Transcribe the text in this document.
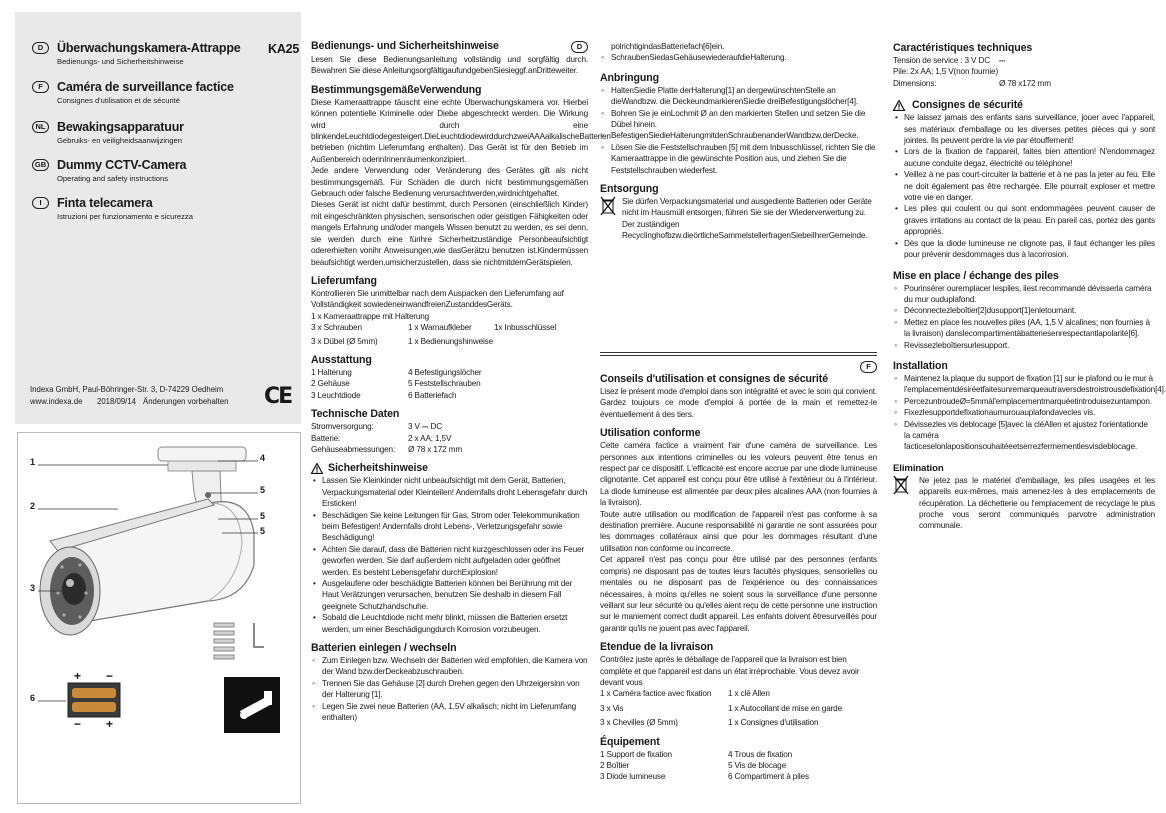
D	Überwachungskamera-Attrappe
Bedienungs- und Sicherheitshinweise
F	Caméra de surveillance factice
Consignes d'utilisation et de sécurité
NL Bewakingsapparatuur
Gebruiks- en veiligheidsaanwijzingen
GB Dummy CCTV-Camera
Operating and safety instructions
I	Finta telecamera
Istruzioni per funzionamento e sicurezza
KA25
Indexa GmbH, Paul-Böhringer-Str. 3, D-74229 Oedheim
www.indexa.de 2018/09/14 Änderungen vorbehalten CE
1
2
3
4
5
5
5
6
+ −
− +
Bedienungs- und Sicherheitshinweise	D
Lesen Sie diese Bedienungsanleitung vollständig und sorgfältig durch. Bewahren Sie diese AnleitungsorgfältigaufundgebenSiesieggf.anDritteweiter.
BestimmungsgemäßeVerwendung
Diese Kameraattrappe täuscht eine echte Überwachungskamera vor. Hierbei können potentielle Kriminelle oder Diebe abgeschreckt werden. Die Wirkung wird durch eine blinkendeLeuchtdiodegesteigert.DieLeuchtdiodewirddurchzweiAAAalkalischeBatterien betrieben (nichtim Lieferumfang enthalten). Das Gerät ist für den Betrieb im Außenbereich oderinInnenräumenkonzipiert.
Jede andere Verwendung oder Veränderung des Gerätes gilt als nicht bestimmungsgemäß. Für Schäden die durch nicht bestimmungsgemäßen Gebrauch oder falsche Bedienung verursachtwerden,wirdnichtgehaftet.
Dieses Gerät ist nicht dafür bestimmt, durch Personen (einschließlich Kinder) mit eingeschränkten physischen, sensorischen oder geistigen Fähigkeiten oder mangels Erfahrung und/oder mangels Wissen benutzt zu werden, es sei denn, sie werden durch eine fürihre Sicherheitzuständige Personbeaufsichtigt odererhielten vonihr Anweisungen,wie dasGerätzu benutzen ist.Kindermüssen beaufsichtigt werden,umsicherzustellen, dass sie nichtmitdemGerätspielen.
Lieferumfang
Kontrollieren Sie unmittelbar nach dem Auspacken den Lieferumfang auf Vollständigkeit sowiedeneinwandfreienZustanddesGeräts.
1 x Kameraattrappe mit Halterung
3 x Schrauben	1 x Warnaufkleber	1x Inbusschlüssel
3 x Dübel (Ø 5mm)	1 x Bedienungshinweise
Ausstattung
1 Halterung	4 Befestigungslöcher
2 Gehäuse	5 Feststellschrauben
3 Leuchtdiode	6 Batteriefach
Technische Daten
Stromversorgung:	3 V ⎓ DC
Batterie:	2 x AA; 1,5V
Gehäuseabmessungen:	Ø 78 x 172 mm
Sicherheitshinweise
• Lassen Sie Kleinkinder nicht unbeaufsichtigt mit dem Gerät, Batterien, Verpackungsmaterial oder Kleinteilen! Andernfalls droht Lebensgefahr durch Ersticken!
• Beschädigen Sie keine Leitungen für Gas, Strom oder Telekommunikation beim Befestigen! Andernfalls droht Lebens-, Verletzungsgefahr sowie Beschädigung!
• Achten Sie darauf, dass die Batterien nicht kurzgeschlossen oder ins Feuer geworfen werden. Sie darf außerdem nicht aufgeladen oder geöffnet werden. Es besteht Lebensgefahr durchExplosion!
• Ausgelaufene oder beschädigte Batterien können bei Berührung mit der Haut Verätzungen verursachen, benutzen Sie deshalb in diesem Fall geeignete Schutzhandschuhe.
• Sobald die Leuchtdiode nicht mehr blinkt, müssen die Batterien ersetzt werden, um einer Beschädigungdurch Korrosion vorzubeugen.
Batterien einlegen / wechseln
◦ Zum Einlegen bzw. Wechseln der Batterien wird empfohlen, die Kamera von der Wand bzw.derDeckeabzuschrauben.
◦ Trennen Sie das Gehäuse [2] durch Drehen gegen den Uhrzeigersinn von der Halterung [1].
◦ Legen Sie zwei neue Batterien (AA, 1,5V alkalisch; nicht im Lieferumfang enthalten)
polrichtigindasBatteriefach[6]ein.
◦ SchraubenSiedasGehäusewiederaufdieHalterung.
Anbringung
◦ HaltenSiedie Platte derHalterung[1] an dergewünschtenStelle an dieWandbzw. die DeckeundmarkierenSiedie dreiBefestigungslöcher[4].
◦ Bohren Sie je einLochmit Ø an den markierten Stellen und setzen Sie die Dübel hinein.
◦ BefestigenSiedieHalterungmitdenSchraubenanderWandbzw.derDecke.
◦ Lösen Sie die Feststellschrauben [5] mit dem Inbusschlüssel, richten Sie die Kameraattrappe in die gewünschte Position aus, und ziehen Sie die Feststellschrauben wiederfest.
Entsorgung
Sie dürfen Verpackungsmaterial und ausgediente Batterien oder Geräte nicht im Hausmüll entsorgen, führen Sie sie der Wiederverwertung zu. Der zuständigen Recyclinghofbzw.dieörtlicheSammelstellerfragenSiebeiIhrerGemeinde.
F
Conseils d'utilisation et consignes de sécurité
Lisez le présent mode d'emploi dans son intégralité et avec le soin qui convient. Gardez toujours ce mode d'emploi à portée de la main et remettez-le éventuellement à des tiers.
Utilisation conforme
Cette caméra factice a vraiment l'air d'une caméra de surveillance. Les personnes aux intentions criminelles ou les voleurs peuvent être tenus en respect par ce dispositif. L'efficacité est encore accrue par une diode lumineuse clignotante. Cet appareil est conçu pour être utilisé à l'extérieur ou à l'intérieur. La diode lumineuse est alimentée par deux piles alcalines AAA (non fournies à la livraison).
Toute autre utilisation ou modification de l'appareil n'est pas conforme à sa destination première. Aucune responsabilité ni garantie ne sont assurées pour les dommages collatéraux ainsi que pour les dommages résultant d'une utilisation non conforme ou incorrecte.
Cet appareil n'est pas conçu pour être utilisé par des personnes (enfants compris) ne disposant pas de toutes leurs facultés physiques, sensorielles ou mentales ou ne disposant pas de l'expérience ou des connaissances nécessaires, à moins qu'elles ne soient sous la surveillance d'une personne veillant sur leur sécurité ou qu'elles aient reçu de cette personne une instruction sur le maniement correct dudit appareil. Les enfants doivent êtresurveillés pour garantir qu'ils ne jouent pas avec l'appareil.
Etendue de la livraison
Contrôlez juste après le déballage de l'appareil que la livraison est bien complète et que l'appareil est dans un état irréprochable. Vous devez avoir devant vous
1 x Caméra factice avec fixation	1 x clé Allen
3 x Vis	1 x Autocollant de mise en garde
3 x Chevilles (Ø 5mm)	1 x Consignes d'utilisation
Équipement
1 Support de fixation	4 Trous de fixation
2 Boîtier	5 Vis de blocage
3 Diode lumineuse	6 Compartiment à piles
Caractéristiques techniques
Tension de service : 3 V DC	⎓
Pile: 2x AA; 1,5 V(non fournie)	
Dimensions:	Ø 78 x172 mm
Consignes de sécurité
• Ne laissez jamais des enfants sans surveillance, jouer avec l'appareil, ses matériaux d'emballage ou les diverses petites pièces qui y sont jointes. Ils peuvent perdre la vie par étouffement!
• Lors de la fixation de l'appareil, faites bien attention! N'endommagez aucune conduite degaz, électricité ou téléphone!
• Veillez à ne pas court-circuiter la batterie et à ne pas la jeter au feu. Elle ne doit également pas être rechargée. Elle pourrait exploser et mettre votre vie en danger.
• Les piles qui coulent ou qui sont endommagées peuvent causer de graves irritations au contact de la peau. En pareil cas, portez des gants appropriés.
• Dès que la diode lumineuse ne clignote pas, il faut échanger les piles pour prévenir desdommages dus à lacorrosion.
Mise en place / échange des piles
◦ Pourinsérer ouremplacer lespiles, ilest recommandé dévisserla caméra du mur ouduplafond.
◦ Déconnectezleboîtier[2]dusupport[1]enletournant.
◦ Mettez en place les nouvelles piles (AA, 1,5 V alcalines; non fournies à la livraison) danslecompartimentàbatteriesenrespectantlapolarité[6].
◦ Revissezleboîtiersurlesupport.
Installation
◦ Maintenez la plaque du support de fixation [1] sur le plafond ou le mur à l'emplacementdésiréetfaitesunremarqueautraversdestroistrousdefixation[4].
◦ PercezuntroudeØ=5mmàl'emplacementmarquéetintroduisezuntampon.
◦ Fixezlesupportdefixationaumurouauplafondavecles vis.
◦ Dévissezles vis deblocage [5]avec la cléAllen et ajustez l'orientationde la caméra facticeselonlapositionsouhaitéeetserrezfermementlesvisdeblocage.
Elimination
Ne jetez pas le matériel d'emballage, les piles usagées et les appareils eux-mêmes, mais amenez-les à des emplacements de récupération. La déchetterie ou l'emplacement de recyclage le plus proche vous seront communiqués parvotre administration communale.
